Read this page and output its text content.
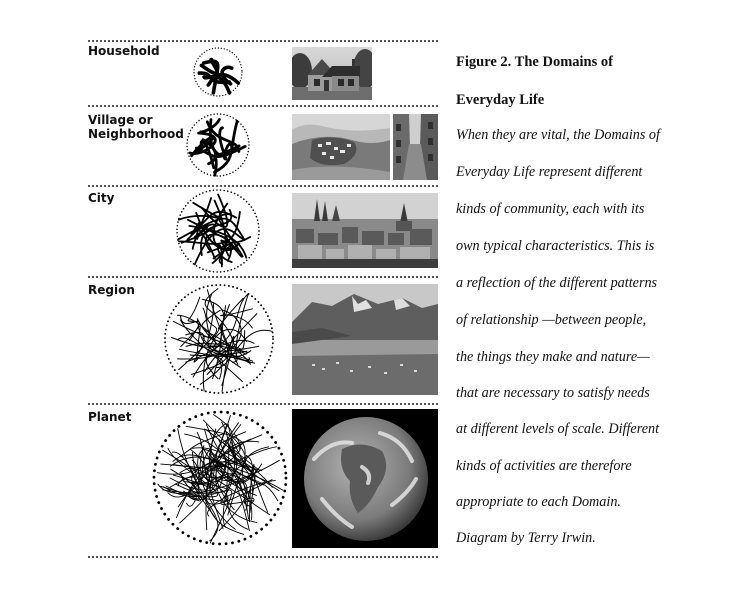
Household
Village or
Neighborhood
City
Region
Planet
Figure 2. The Domains of
Everyday Life
When they are vital, the Domains of
Everyday Life represent different
kinds of community, each with its
own typical characteristics. This is
a reflection of the different patterns
of relationship —between people,
the things they make and nature—
that are necessary to satisfy needs
at different levels of scale. Different
kinds of activities are therefore
appropriate to each Domain.
Diagram by Terry Irwin.
